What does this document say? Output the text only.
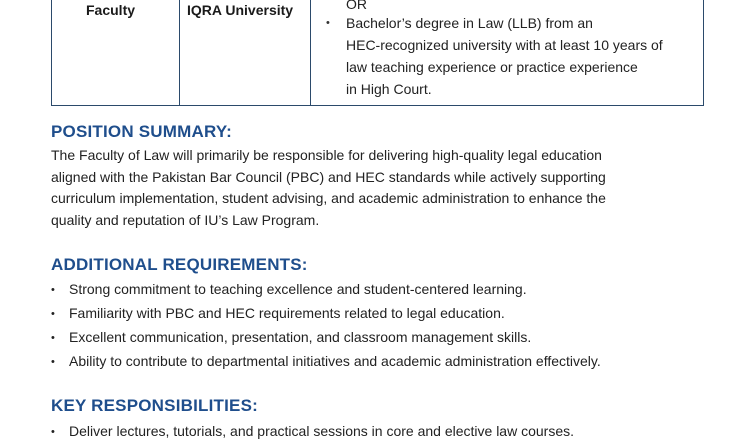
Faculty	IQRA University	OR
• Bachelor’s degree in Law (LLB) from an
HEC-recognized university with at least 10 years of
law teaching experience or practice experience
in High Court.
POSITION SUMMARY:
The Faculty of Law will primarily be responsible for delivering high-quality legal education
aligned with the Pakistan Bar Council (PBC) and HEC standards while actively supporting
curriculum implementation, student advising, and academic administration to enhance the
quality and reputation of IU’s Law Program.
ADDITIONAL REQUIREMENTS:
• Strong commitment to teaching excellence and student-centered learning.
• Familiarity with PBC and HEC requirements related to legal education.
• Excellent communication, presentation, and classroom management skills.
• Ability to contribute to departmental initiatives and academic administration effectively.
KEY RESPONSIBILITIES:
• Deliver lectures, tutorials, and practical sessions in core and elective law courses.
